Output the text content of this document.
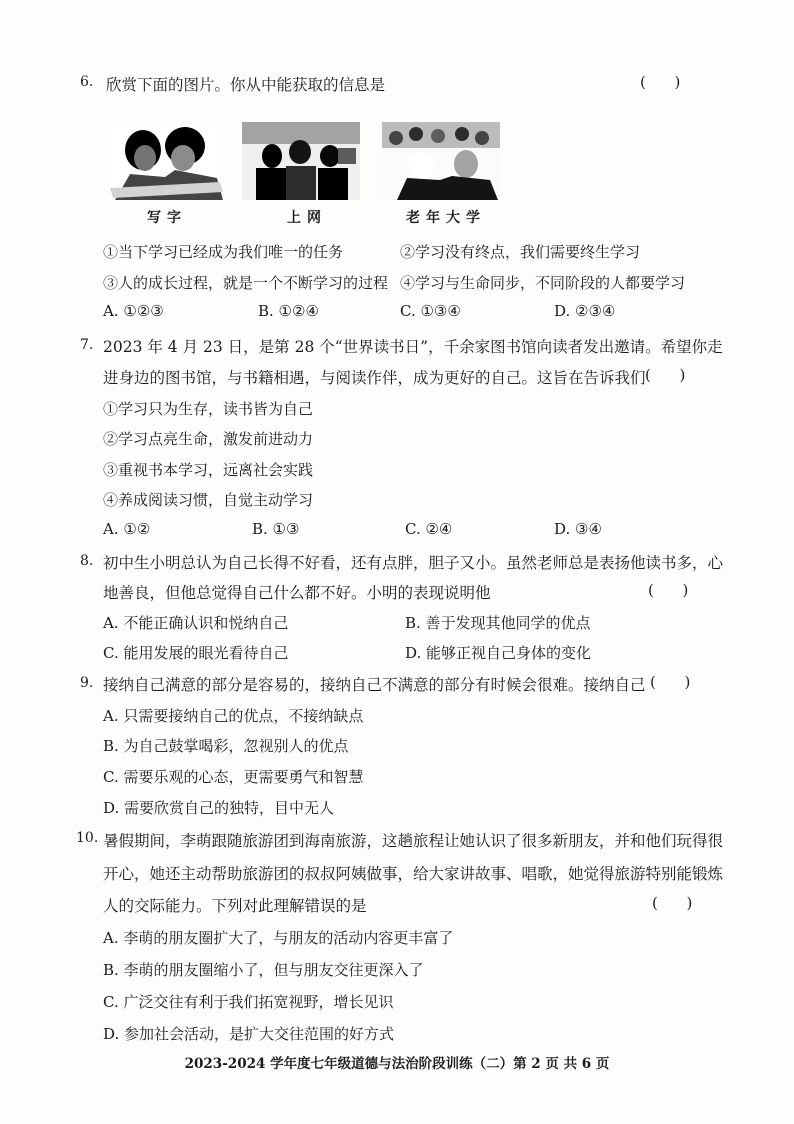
6. 欣赏下面的图片。你从中能获取的信息是	(      )
写字	上网	老年大学
①当下学习已经成为我们唯一的任务	②学习没有终点，我们需要终生学习
③人的成长过程，就是一个不断学习的过程 ④学习与生命同步，不同阶段的人都要学习
A. ①②③	B. ①②④	C. ①③④	D. ②③④
7. 2023 年 4 月 23 日，是第 28 个“世界读书日”，千余家图书馆向读者发出邀请。希望你走
进身边的图书馆，与书籍相遇，与阅读作伴，成为更好的自己。这旨在告诉我们 (      )
①学习只为生存，读书皆为自己
②学习点亮生命，激发前进动力
③重视书本学习，远离社会实践
④养成阅读习惯，自觉主动学习
A. ①②	B. ①③	C. ②④	D. ③④
8. 初中生小明总认为自己长得不好看，还有点胖，胆子又小。虽然老师总是表扬他读书多，心
地善良，但他总觉得自己什么都不好。小明的表现说明他	(      )
A. 不能正确认识和悦纳自己	B. 善于发现其他同学的优点
C. 能用发展的眼光看待自己	D. 能够正视自己身体的变化
9. 接纳自己满意的部分是容易的，接纳自己不满意的部分有时候会很难。接纳自己 (      )
A. 只需要接纳自己的优点，不接纳缺点
B. 为自己鼓掌喝彩，忽视别人的优点
C. 需要乐观的心态，更需要勇气和智慧
D. 需要欣赏自己的独特，目中无人
10. 暑假期间，李萌跟随旅游团到海南旅游，这趟旅程让她认识了很多新朋友，并和他们玩得很
开心，她还主动帮助旅游团的叔叔阿姨做事，给大家讲故事、唱歌，她觉得旅游特别能锻炼
人的交际能力。下列对此理解错误的是	(      )
A. 李萌的朋友圈扩大了，与朋友的活动内容更丰富了
B. 李萌的朋友圈缩小了，但与朋友交往更深入了
C. 广泛交往有利于我们拓宽视野，增长见识
D. 参加社会活动，是扩大交往范围的好方式
2023-2024 学年度七年级道德与法治阶段训练（二）第 2 页 共 6 页
